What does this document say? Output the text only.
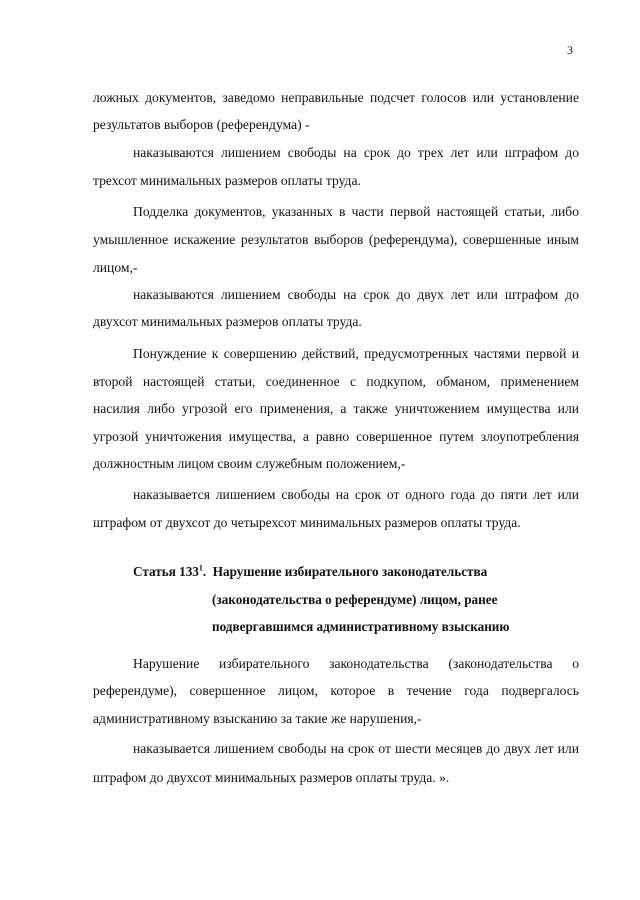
3
ложных документов, заведомо неправильные подсчет голосов или установление
результатов выборов (референдума) -
наказываются лишением свободы на срок до трех лет или штрафом до
трехсот минимальных размеров оплаты труда.
Подделка документов, указанных в части первой настоящей статьи, либо
умышленное искажение результатов выборов (референдума), совершенные иным
лицом,-
наказываются лишением свободы на срок до двух лет или штрафом до
двухсот минимальных размеров оплаты труда.
Понуждение к совершению действий, предусмотренных частями первой и
второй настоящей статьи, соединенное с подкупом, обманом, применением
насилия либо угрозой его применения, а также уничтожением имущества или
угрозой уничтожения имущества, а равно совершенное путем злоупотребления
должностным лицом своим служебным положением,-
наказывается лишением свободы на срок от одного года до пяти лет или
штрафом от двухсот до четырехсот минимальных размеров оплаты труда.
Статья $133^1$.  Нарушение избирательного законодательства
(законодательства о референдуме) лицом, ранее
подвергавшимся административному взысканию
Нарушение избирательного законодательства (законодательства о
референдуме), совершенное лицом, которое в течение года подвергалось
административному взысканию за такие же нарушения,-
наказывается лишением свободы на срок от шести месяцев до двух лет или
штрафом до двухсот минимальных размеров оплаты труда. ».
